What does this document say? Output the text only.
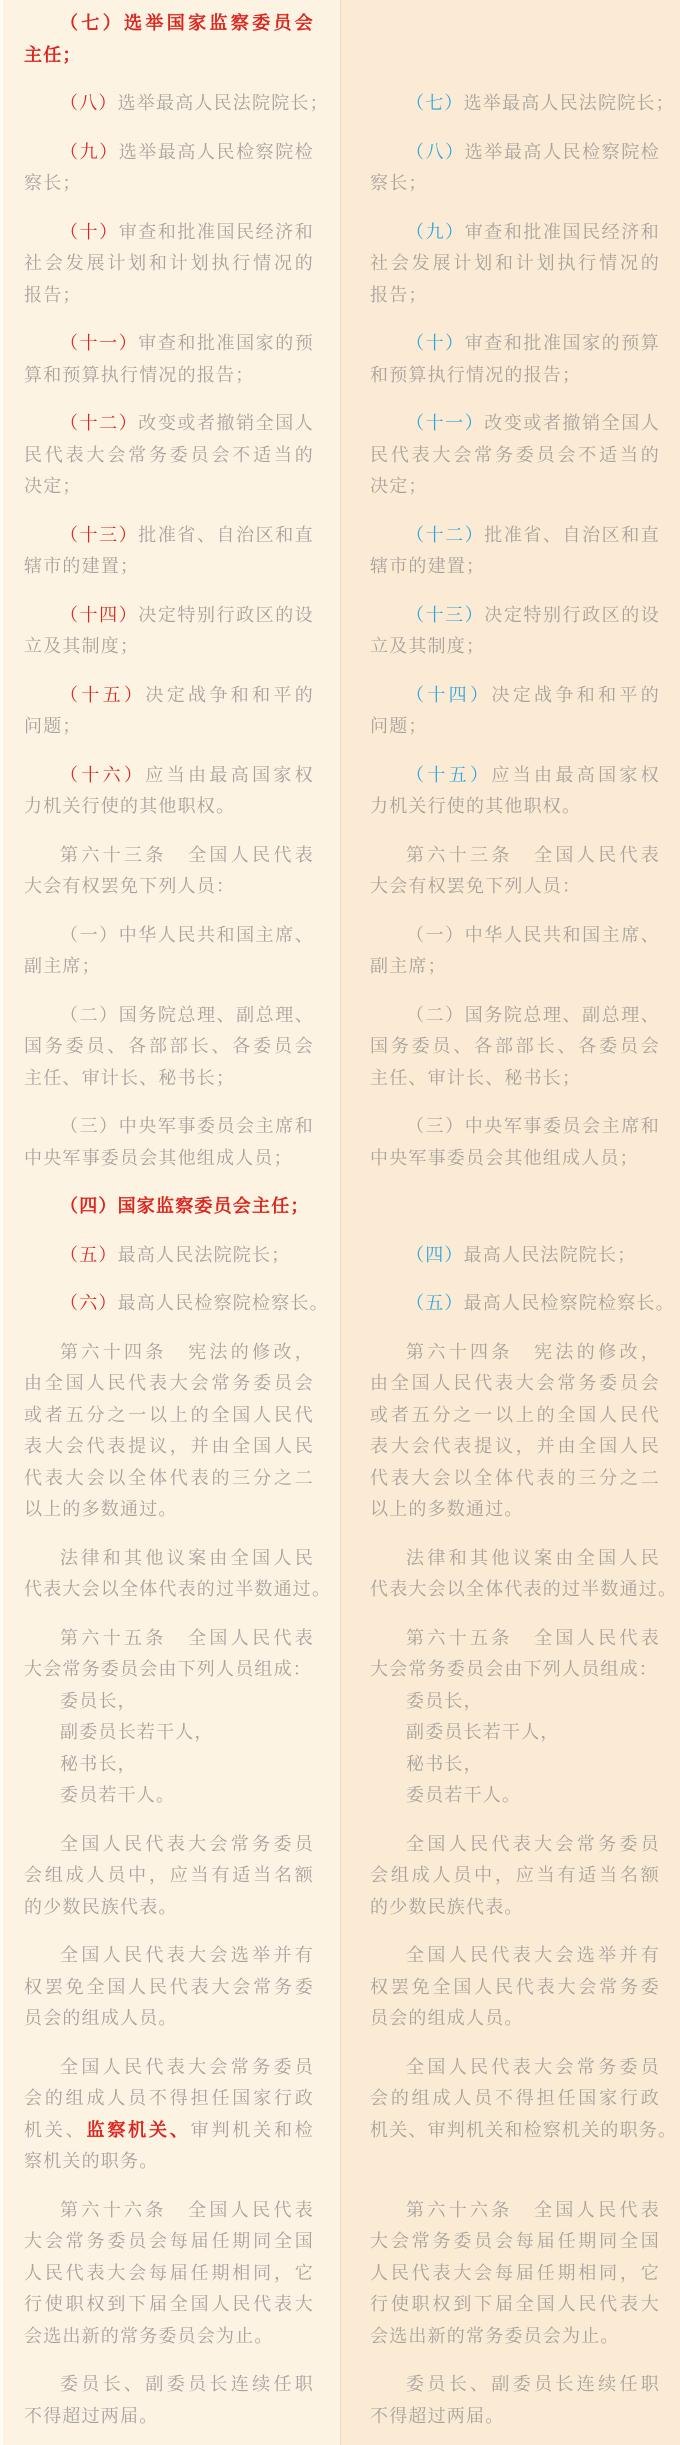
（七）选举国家监察委员会
主任；
（八）选举最高人民法院院长；
（九）选举最高人民检察院检
察长；
（十）审查和批准国民经济和
社会发展计划和计划执行情况的
报告；
（十一）审查和批准国家的预
算和预算执行情况的报告；
（十二）改变或者撤销全国人
民代表大会常务委员会不适当的
决定；
（十三）批准省、自治区和直
辖市的建置；
（十四）决定特别行政区的设
立及其制度；
（十五）决定战争和和平的
问题；
（十六）应当由最高国家权
力机关行使的其他职权。
第六十三条　全国人民代表
大会有权罢免下列人员：
（一）中华人民共和国主席、
副主席；
（二）国务院总理、副总理、
国务委员、各部部长、各委员会
主任、审计长、秘书长；
（三）中央军事委员会主席和
中央军事委员会其他组成人员；
（四）国家监察委员会主任；
（五）最高人民法院院长；
（六）最高人民检察院检察长。
第六十四条　宪法的修改，
由全国人民代表大会常务委员会
或者五分之一以上的全国人民代
表大会代表提议，并由全国人民
代表大会以全体代表的三分之二
以上的多数通过。
法律和其他议案由全国人民
代表大会以全体代表的过半数通过。
第六十五条　全国人民代表
大会常务委员会由下列人员组成：
委员长，
副委员长若干人，
秘书长，
委员若干人。
全国人民代表大会常务委员
会组成人员中，应当有适当名额
的少数民族代表。
全国人民代表大会选举并有
权罢免全国人民代表大会常务委
员会的组成人员。
全国人民代表大会常务委员
会的组成人员不得担任国家行政
机关、监察机关、审判机关和检
察机关的职务。
第六十六条　全国人民代表
大会常务委员会每届任期同全国
人民代表大会每届任期相同，它
行使职权到下届全国人民代表大
会选出新的常务委员会为止。
委员长、副委员长连续任职
不得超过两届。
（七）选举最高人民法院院长；
（八）选举最高人民检察院检
察长；
（九）审查和批准国民经济和
社会发展计划和计划执行情况的
报告；
（十）审查和批准国家的预算
和预算执行情况的报告；
（十一）改变或者撤销全国人
民代表大会常务委员会不适当的
决定；
（十二）批准省、自治区和直
辖市的建置；
（十三）决定特别行政区的设
立及其制度；
（十四）决定战争和和平的
问题；
（十五）应当由最高国家权
力机关行使的其他职权。
第六十三条　全国人民代表
大会有权罢免下列人员：
（一）中华人民共和国主席、
副主席；
（二）国务院总理、副总理、
国务委员、各部部长、各委员会
主任、审计长、秘书长；
（三）中央军事委员会主席和
中央军事委员会其他组成人员；
（四）最高人民法院院长；
（五）最高人民检察院检察长。
第六十四条　宪法的修改，
由全国人民代表大会常务委员会
或者五分之一以上的全国人民代
表大会代表提议，并由全国人民
代表大会以全体代表的三分之二
以上的多数通过。
法律和其他议案由全国人民
代表大会以全体代表的过半数通过。
第六十五条　全国人民代表
大会常务委员会由下列人员组成：
委员长，
副委员长若干人，
秘书长，
委员若干人。
全国人民代表大会常务委员
会组成人员中，应当有适当名额
的少数民族代表。
全国人民代表大会选举并有
权罢免全国人民代表大会常务委
员会的组成人员。
全国人民代表大会常务委员
会的组成人员不得担任国家行政
机关、审判机关和检察机关的职务。
第六十六条　全国人民代表
大会常务委员会每届任期同全国
人民代表大会每届任期相同，它
行使职权到下届全国人民代表大
会选出新的常务委员会为止。
委员长、副委员长连续任职
不得超过两届。
